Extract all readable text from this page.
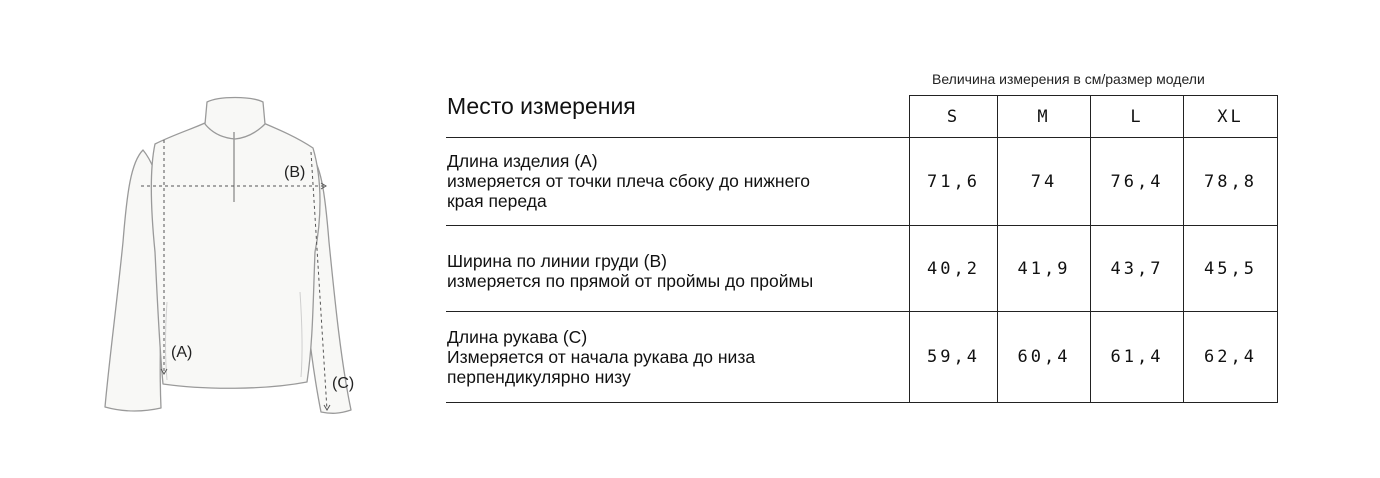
(A)
(B)
(C)
Величина измерения в см/размер модели
Место измерения	S	M	L	XL
Длина изделия (A)
измеряется от точки плеча сбоку до нижнего
края переда
71,6	74	76,4	78,8
Ширина по линии груди (B)
измеряется по прямой от проймы до проймы
40,2	41,9	43,7	45,5
Длина рукава (C)
Измеряется от начала рукава до низа
перпендикулярно низу
59,4	60,4	61,4	62,4
